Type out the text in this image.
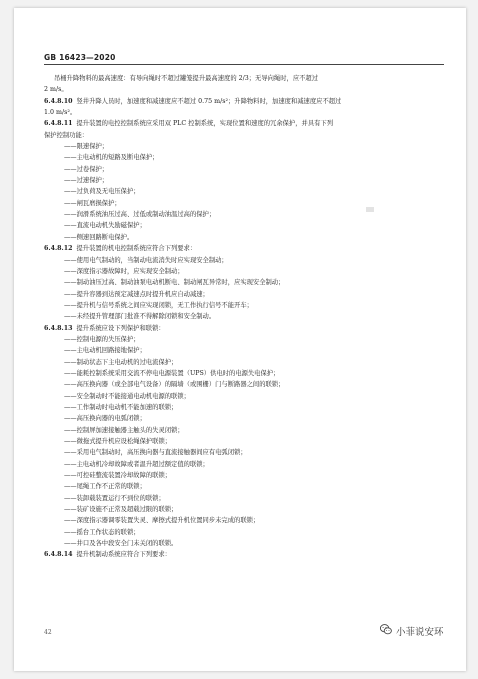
GB 16423—2020
吊桶升降物料的最高速度：有导向绳时不超过罐笼提升最高速度的 2/3；无导向绳时，应不超过
2 m/s。
6.4.8.10 竖井升降人员时，加速度和减速度应不超过 0.75 m/s²；升降物料时，加速度和减速度应不超过
1.0 m/s²。
6.4.8.11 提升装置的电控控制系统应采用双 PLC 控制系统，实现位置和速度的冗余保护，并具有下列
保护控制功能：
——限速保护；
——主电动机的短路及断电保护；
——过卷保护；
——过速保护；
——过负荷及无电压保护；
——闸瓦磨损保护；
——润滑系统油压过高、过低或制动油温过高的保护；
——直流电动机失励磁保护；
——侧速回路断电保护。
6.4.8.12 提升装置的机电控制系统应符合下列要求：
——使用电气制动的，当制动电流消失时应实现安全制动；
——深度指示器故障时，应实现安全制动；
——制动油压过高、制动油泵电动机断电、制动闸瓦异常时，应实现安全制动；
——提升容器到达预定减速点时提升机应自动减速；
——提升机与信号系统之间应实现闭锁，无工作执行信号不能开车；
——未经提升管理部门批准不得解除闭锁和安全制动。
6.4.8.13 提升系统应设下列保护和联锁：
——控制电源的失压保护；
——主电动机回路接地保护；
——制动状态下主电动机的过电流保护；
——能耗控制系统采用交流不停电电源装置（UPS）供电时的电源失电保护；
——高压换向器（或全部电气设备）的隔墙（或围栅）门与断路器之间的联锁；
——安全制动时不能接通电动机电源的联锁；
——工作制动时电动机不能加速的联锁；
——高压换向器的电弧闭锁；
——控制屏加速接触器主触头的失灵闭锁；
——微拖式提升机应设松绳保护联锁；
——采用电气制动时，高压换向器与直流接触器间应有电弧闭锁；
——主电动机冷却故障或者温升超过额定值的联锁；
——可控硅整流装置冷却故障的联锁；
——尾绳工作不正常的联锁；
——装卸载装置运行不到位的联锁；
——装矿设施不正常及超载过限的联锁；
——深度指示器调零装置失灵、摩擦式提升机位置同步未完成的联锁；
——摇台工作状态的联锁；
——井口及各中段安全门未关闭的联锁。
6.4.8.14 提升机制动系统应符合下列要求：
42	小菲说安环
